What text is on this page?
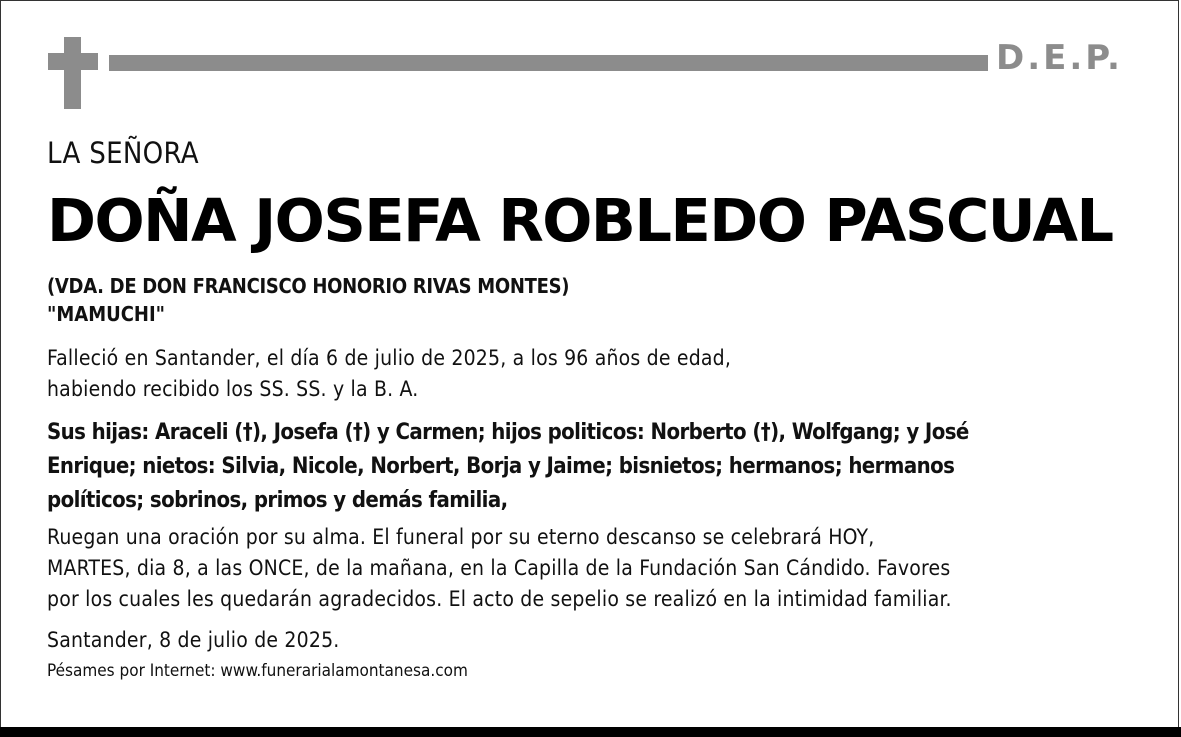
D.E.P.
LA SEÑORA
DOÑA JOSEFA ROBLEDO PASCUAL
(VDA. DE DON FRANCISCO HONORIO RIVAS MONTES)
"MAMUCHI"
Falleció en Santander, el día 6 de julio de 2025, a los 96 años de edad,
habiendo recibido los SS. SS. y la B. A.
Sus hijas: Araceli (†), Josefa (†) y Carmen; hijos politicos: Norberto (†), Wolfgang; y José
Enrique; nietos: Silvia, Nicole, Norbert, Borja y Jaime; bisnietos; hermanos; hermanos
políticos; sobrinos, primos y demás familia,
Ruegan una oración por su alma. El funeral por su eterno descanso se celebrará HOY,
MARTES, dia 8, a las ONCE, de la mañana, en la Capilla de la Fundación San Cándido. Favores
por los cuales les quedarán agradecidos. El acto de sepelio se realizó en la intimidad familiar.
Santander, 8 de julio de 2025.
Pésames por Internet: www.funerarialamontanesa.com
